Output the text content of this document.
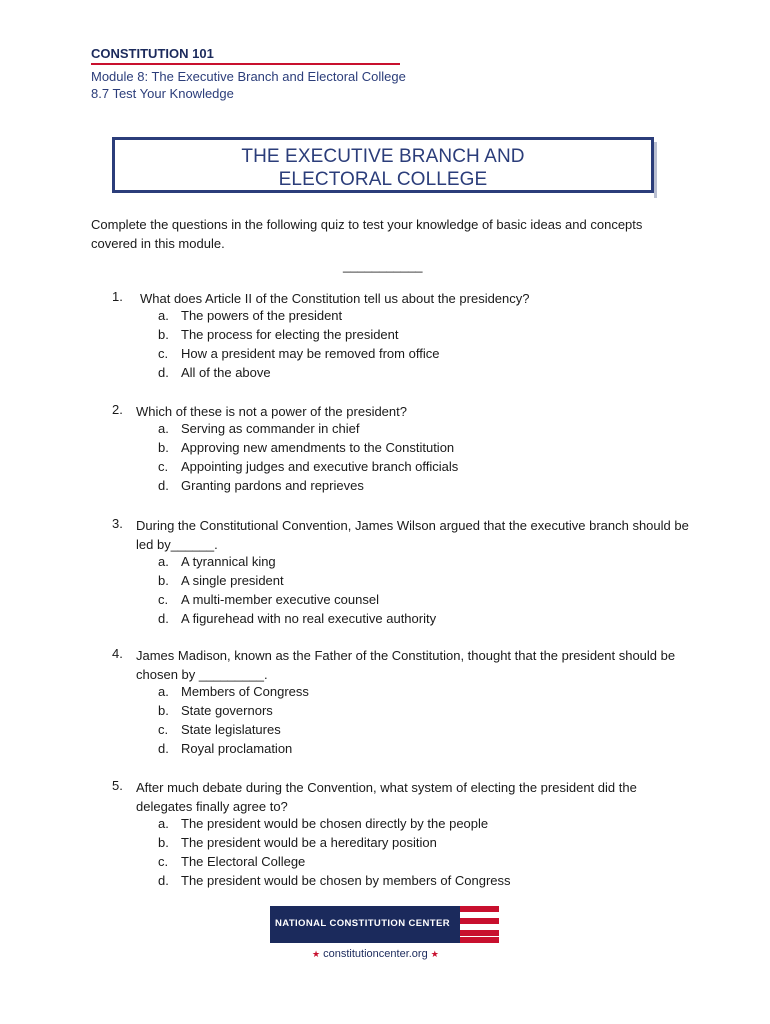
CONSTITUTION 101
Module 8: The Executive Branch and Electoral College
8.7 Test Your Knowledge
THE EXECUTIVE BRANCH AND
ELECTORAL COLLEGE
Complete the questions in the following quiz to test your knowledge of basic ideas and concepts covered in this module.
___________
1. What does Article II of the Constitution tell us about the presidency?
a. The powers of the president
b. The process for electing the president
c. How a president may be removed from office
d. All of the above
2. Which of these is not a power of the president?
a. Serving as commander in chief
b. Approving new amendments to the Constitution
c. Appointing judges and executive branch officials
d. Granting pardons and reprieves
3. During the Constitutional Convention, James Wilson argued that the executive branch should be led by______.
a. A tyrannical king
b. A single president
c. A multi-member executive counsel
d. A figurehead with no real executive authority
4. James Madison, known as the Father of the Constitution, thought that the president should be chosen by _________.
a. Members of Congress
b. State governors
c. State legislatures
d. Royal proclamation
5. After much debate during the Convention, what system of electing the president did the delegates finally agree to?
a. The president would be chosen directly by the people
b. The president would be a hereditary position
c. The Electoral College
d. The president would be chosen by members of Congress
NATIONAL CONSTITUTION CENTER
★ constitutioncenter.org ★
